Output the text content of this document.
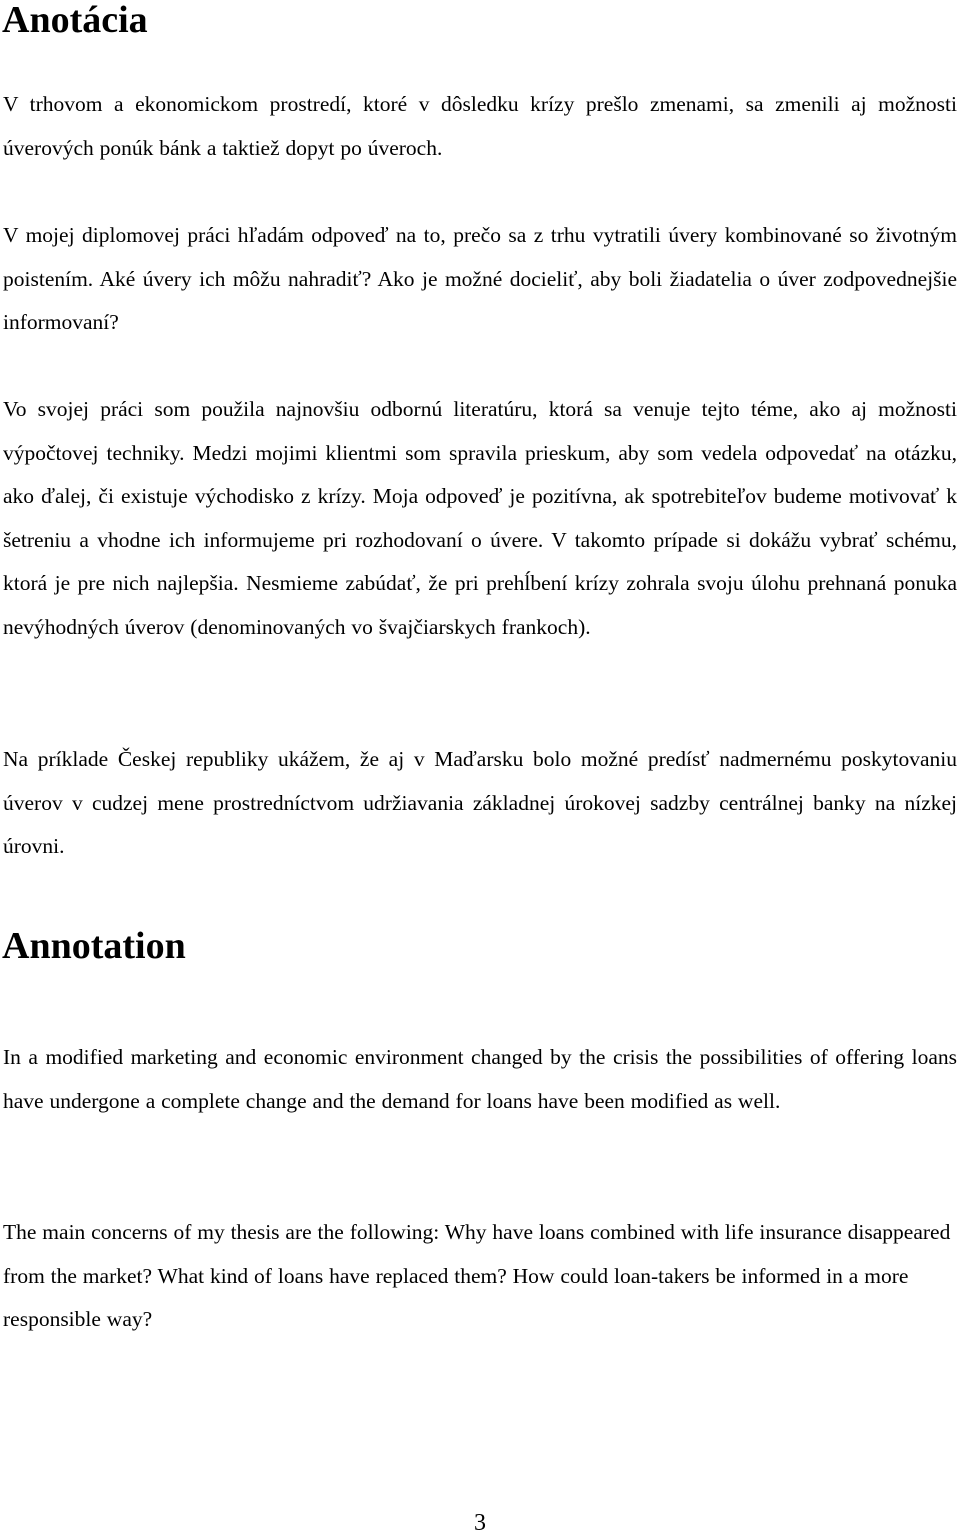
Anotácia

V trhovom a ekonomickom prostredí, ktoré v dôsledku krízy prešlo zmenami, sa zmenili aj možnosti úverových ponúk bánk a taktiež dopyt po úveroch.

V mojej diplomovej práci hľadám odpoveď na to, prečo sa z trhu vytratili úvery kombinované so životným poistením. Aké úvery ich môžu nahradiť? Ako je možné docieliť, aby boli žiadatelia o úver zodpovednejšie informovaní?

Vo svojej práci som použila najnovšiu odbornú literatúru, ktorá sa venuje tejto téme, ako aj možnosti výpočtovej techniky. Medzi mojimi klientmi som spravila prieskum, aby som vedela odpovedať na otázku, ako ďalej, či existuje východisko z krízy. Moja odpoveď je pozitívna, ak spotrebiteľov budeme motivovať k šetreniu a vhodne ich informujeme pri rozhodovaní o úvere. V takomto prípade si dokážu vybrať schému, ktorá je pre nich najlepšia. Nesmieme zabúdať, že pri prehĺbení krízy zohrala svoju úlohu prehnaná ponuka nevýhodných úverov (denominovaných vo švajčiarskych frankoch).

Na príklade Českej republiky ukážem, že aj v Maďarsku bolo možné predísť nadmernému poskytovaniu úverov v cudzej mene prostredníctvom udržiavania základnej úrokovej sadzby centrálnej banky na nízkej úrovni.

Annotation

In a modified marketing and economic environment changed by the crisis the possibilities of offering loans have undergone a complete change and the demand for loans have been modified as well.

The main concerns of my thesis are the following: Why have loans combined with life insurance disappeared from the market? What kind of loans have replaced them? How could loan-takers be informed in a more responsible way?

3
